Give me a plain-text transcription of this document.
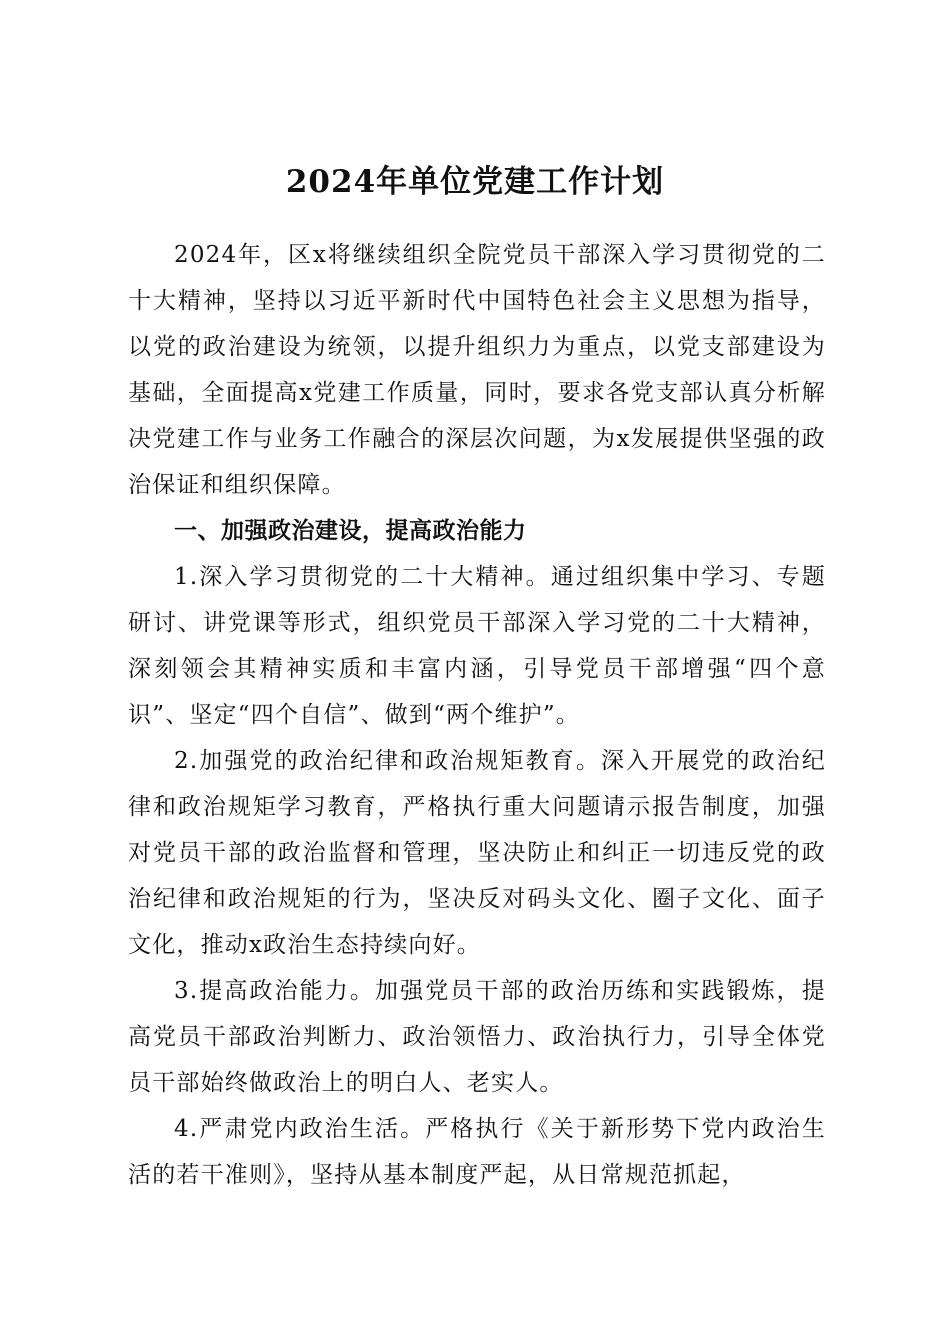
2024年单位党建工作计划

2024年，区x将继续组织全院党员干部深入学习贯彻党的二十大精神，坚持以习近平新时代中国特色社会主义思想为指导，以党的政治建设为统领，以提升组织力为重点，以党支部建设为基础，全面提高x党建工作质量，同时，要求各党支部认真分析解决党建工作与业务工作融合的深层次问题，为x发展提供坚强的政治保证和组织保障。

一、加强政治建设，提高政治能力

1.深入学习贯彻党的二十大精神。通过组织集中学习、专题研讨、讲党课等形式，组织党员干部深入学习党的二十大精神，深刻领会其精神实质和丰富内涵，引导党员干部增强“四个意识”、坚定“四个自信”、做到“两个维护”。

2.加强党的政治纪律和政治规矩教育。深入开展党的政治纪律和政治规矩学习教育，严格执行重大问题请示报告制度，加强对党员干部的政治监督和管理，坚决防止和纠正一切违反党的政治纪律和政治规矩的行为，坚决反对码头文化、圈子文化、面子文化，推动x政治生态持续向好。

3.提高政治能力。加强党员干部的政治历练和实践锻炼，提高党员干部政治判断力、政治领悟力、政治执行力，引导全体党员干部始终做政治上的明白人、老实人。

4.严肃党内政治生活。严格执行《关于新形势下党内政治生活的若干准则》，坚持从基本制度严起，从日常规范抓起，
